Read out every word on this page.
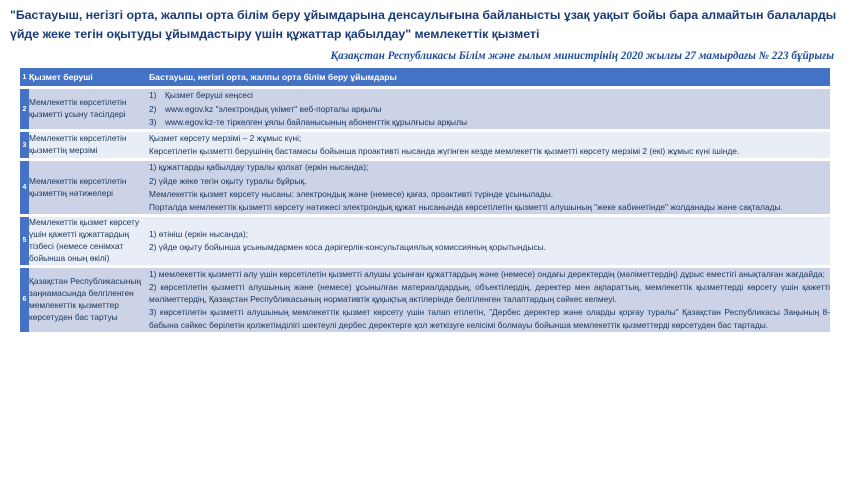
"Бастауыш, негізгі орта, жалпы орта білім беру ұйымдарына денсаулығына байланысты ұзақ уақыт бойы бара алмайтын балаларды үйде жеке тегін оқытуды ұйымдастыру үшін құжаттар қабылдау" мемлекеттік қызметі

Қазақстан Республикасы Білім және ғылым министрінің 2020 жылғы 27 мамырдағы № 223 бұйрығы

1	Қызмет беруші	Бастауыш, негізгі орта, жалпы орта білім беру ұйымдары

2	Мемлекеттік көрсетілетін қызметті ұсыну тәсілдері	
1)	Қызмет беруші кеңсесі
2)	www.egov.kz "электрондық үкімет" веб-порталы арқылы
3)	www.egov.kz-те тіркелген ұялы байланысының абоненттік құрылғысы арқылы

3	Мемлекеттік көрсетілетін қызметтің мерзімі	Қызмет көрсету мерзімі – 2 жұмыс күні;

Көрсетілетін қызметті берушінің бастамасы бойынша проактивті нысанда жүгінген кезде мемлекеттік қызметті көрсету мерзімі 2 (екі) жұмыс күні ішінде.

4	Мемлекеттік көрсетілетін қызметтің нәтижелері	1) құжаттарды қабылдау туралы қолхат (еркін нысанда);

2) үйде жеке тегін оқыту туралы бұйрық.

Мемлекеттік қызмет көрсету нысаны: электрондық және (немесе) қағаз, проактивті түрінде ұсынылады.

Порталда мемлекеттік қызметті көрсету нәтижесі электрондық құжат нысанында көрсетілетін қызметті алушының "жеке кабинетінде" жолданады және сақталады.

5	Мемлекеттік қызмет көрсету үшін қажетті құжаттардың тізбесі (немесе сенімхат бойынша оның өкілі)	1) өтініш (еркін нысанда);

2) үйде оқыту бойынша ұсынымдармен коса дәрігерлік-консультациялық комиссияның қорытындысы.

6	Қазақстан Республикасының заңнамасында белгіленген мемлекеттік қызметтер көрсетуден бас тартуы	1) мемлекеттік қызметті алу үшін көрсетілетін қызметті алушы ұсынған құжаттардың және (немесе) ондағы деректердің (мәліметтердің) дұрыс еместігі анықталған жағдайда;

2) көрсетілетін қызметті алушының және (немесе) ұсынылған материалдардың, объектілердің, деректер мен ақпараттың, мемлекеттік қызметтерді көрсету үшін қажетті мәліметтердің, Қазақстан Республикасының нормативтік құқықтық актілерінде белгіленген талаптардың сәйкес келмеуі.

3) көрсетілетін қызметті алушының мемлекеттік қызмет көрсету үшін талап етілетін, "Дербес деректер және оларды қорғау туралы" Қазақстан Республикасы Заңының 8-бабына сәйкес берілетін қолжетімділігі шектеулі дербес деректерге қол жеткізуге келісімі болмауы бойынша мемлекеттік қызметтерді көрсетуден бас тартады.
